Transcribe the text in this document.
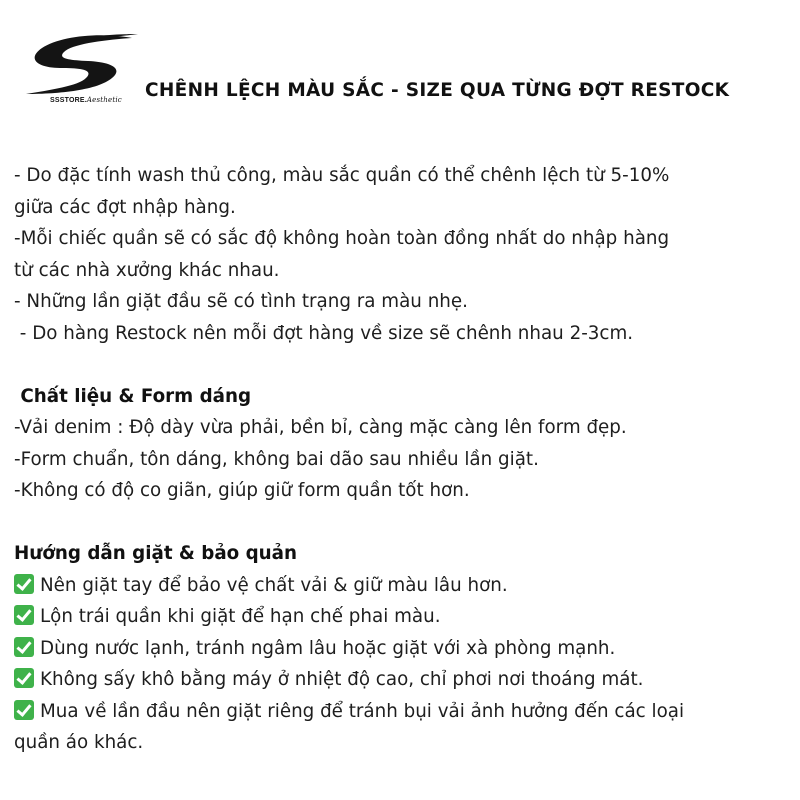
SSSTORE.Aesthetic CHÊNH LỆCH MÀU SẮC - SIZE QUA TỪNG ĐỢT RESTOCK
- Do đặc tính wash thủ công, màu sắc quần có thể chênh lệch từ 5-10%
giữa các đợt nhập hàng.
-Mỗi chiếc quần sẽ có sắc độ không hoàn toàn đồng nhất do nhập hàng
từ các nhà xưởng khác nhau.
- Những lần giặt đầu sẽ có tình trạng ra màu nhẹ.
- Do hàng Restock nên mỗi đợt hàng về size sẽ chênh nhau 2-3cm.
Chất liệu & Form dáng
-Vải denim : Độ dày vừa phải, bền bỉ, càng mặc càng lên form đẹp.
-Form chuẩn, tôn dáng, không bai dão sau nhiều lần giặt.
-Không có độ co giãn, giúp giữ form quần tốt hơn.
Hướng dẫn giặt & bảo quản
Nên giặt tay để bảo vệ chất vải & giữ màu lâu hơn.
Lộn trái quần khi giặt để hạn chế phai màu.
Dùng nước lạnh, tránh ngâm lâu hoặc giặt với xà phòng mạnh.
Không sấy khô bằng máy ở nhiệt độ cao, chỉ phơi nơi thoáng mát.
Mua về lần đầu nên giặt riêng để tránh bụi vải ảnh hưởng đến các loại
quần áo khác.
